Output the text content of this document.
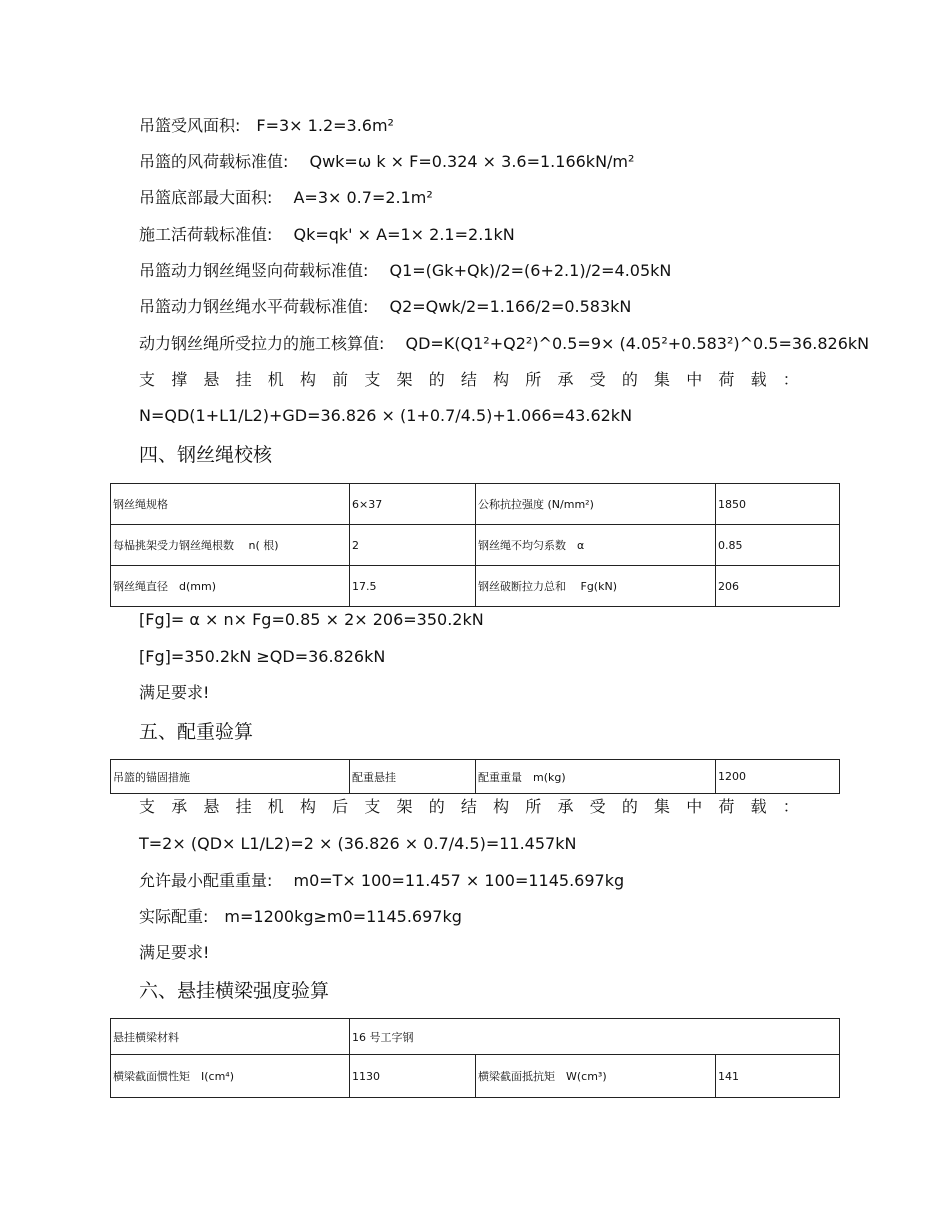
吊篮受风面积:　F=3× 1.2=3.6m²
吊篮的风荷载标准值:　 Qwk=ω k × F=0.324 × 3.6=1.166kN/m²
吊篮底部最大面积:　 A=3× 0.7=2.1m²
施工活荷载标准值:　 Qk=qk' × A=1× 2.1=2.1kN
吊篮动力钢丝绳竖向荷载标准值:　 Q1=(Gk+Qk)/2=(6+2.1)/2=4.05kN
吊篮动力钢丝绳水平荷载标准值:　 Q2=Qwk/2=1.166/2=0.583kN
动力钢丝绳所受拉力的施工核算值:　 QD=K(Q1²+Q2²)^0.5=9× (4.05²+0.583²)^0.5=36.826kN
支 撑 悬 挂 机 构 前 支 架 的 结 构 所 承 受 的 集 中 荷 载 ：
N=QD(1+L1/L2)+GD=36.826 × (1+0.7/4.5)+1.066=43.62kN
四、钢丝绳校核
钢丝绳规格	6×37	公称抗拉强度 (N/mm²)	1850
每榀挑架受力钢丝绳根数　 n( 根)	2	钢丝绳不均匀系数　α	0.85
钢丝绳直径　d(mm)	17.5	钢丝破断拉力总和　 Fg(kN)	206
[Fg]= α × n× Fg=0.85 × 2× 206=350.2kN
[Fg]=350.2kN ≥QD=36.826kN
满足要求!
五、配重验算
吊篮的锚固措施	配重悬挂	配重重量　m(kg)	1200
支 承 悬 挂 机 构 后 支 架 的 结 构 所 承 受 的 集 中 荷 载 ：
T=2× (QD× L1/L2)=2 × (36.826 × 0.7/4.5)=11.457kN
允许最小配重重量:　 m0=T× 100=11.457 × 100=1145.697kg
实际配重:　m=1200kg≥m0=1145.697kg
满足要求!
六、悬挂横梁强度验算
悬挂横梁材料	16 号工字钢		
横梁截面惯性矩　I(cm⁴)	1130	横梁截面抵抗矩　W(cm³)	141
